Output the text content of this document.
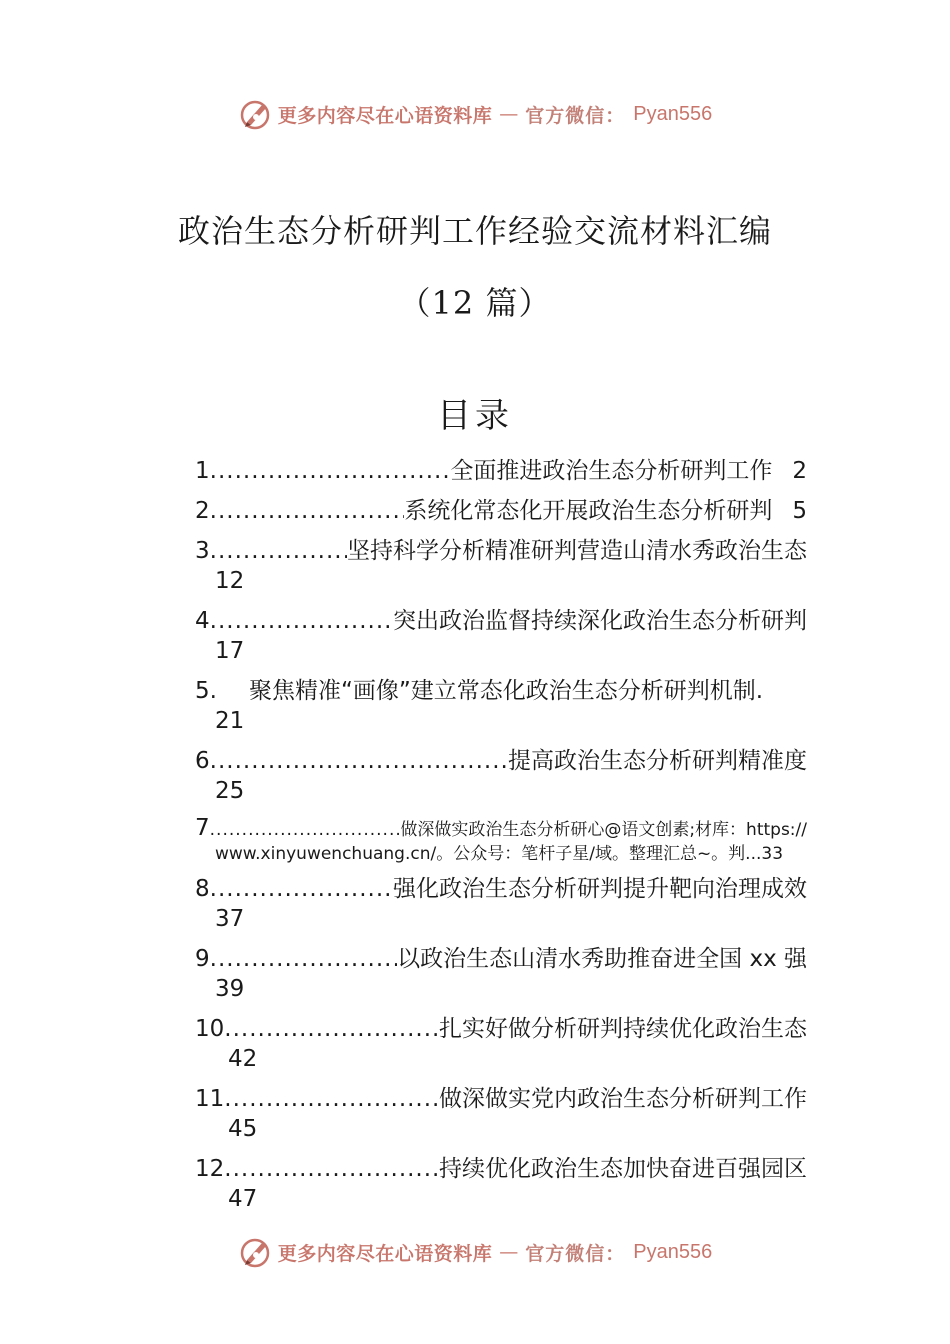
更多内容尽在心语资料库 — 官方微信： Pyan556
政治生态分析研判工作经验交流材料汇编
（12 篇）
目录
1 .....	全面推进政治生态分析研判工作 2
2 .....	系统化常态化开展政治生态分析研判 5
3 .....	坚持科学分析精准研判营造山清水秀政治生态
12
4 .....	突出政治监督持续深化政治生态分析研判
17
5. 聚焦精准“画像”建立常态化政治生态分析研判机制.
21
6 .....	提高政治生态分析研判精准度
25
7 .....	做深做实政治生态分析研心@语文创素;材库：https://
www.xinyuwenchuang.cn/。公众号：笔杆子星/域。整理汇总~。判...33
8 .....	强化政治生态分析研判提升靶向治理成效
37
9 .....	以政治生态山清水秀助推奋进全国 xx 强
39
10 .....	扎实好做分析研判持续优化政治生态
42
11 .....	做深做实党内政治生态分析研判工作
45
12 .....	持续优化政治生态加快奋进百强园区
47
更多内容尽在心语资料库 — 官方微信： Pyan556
